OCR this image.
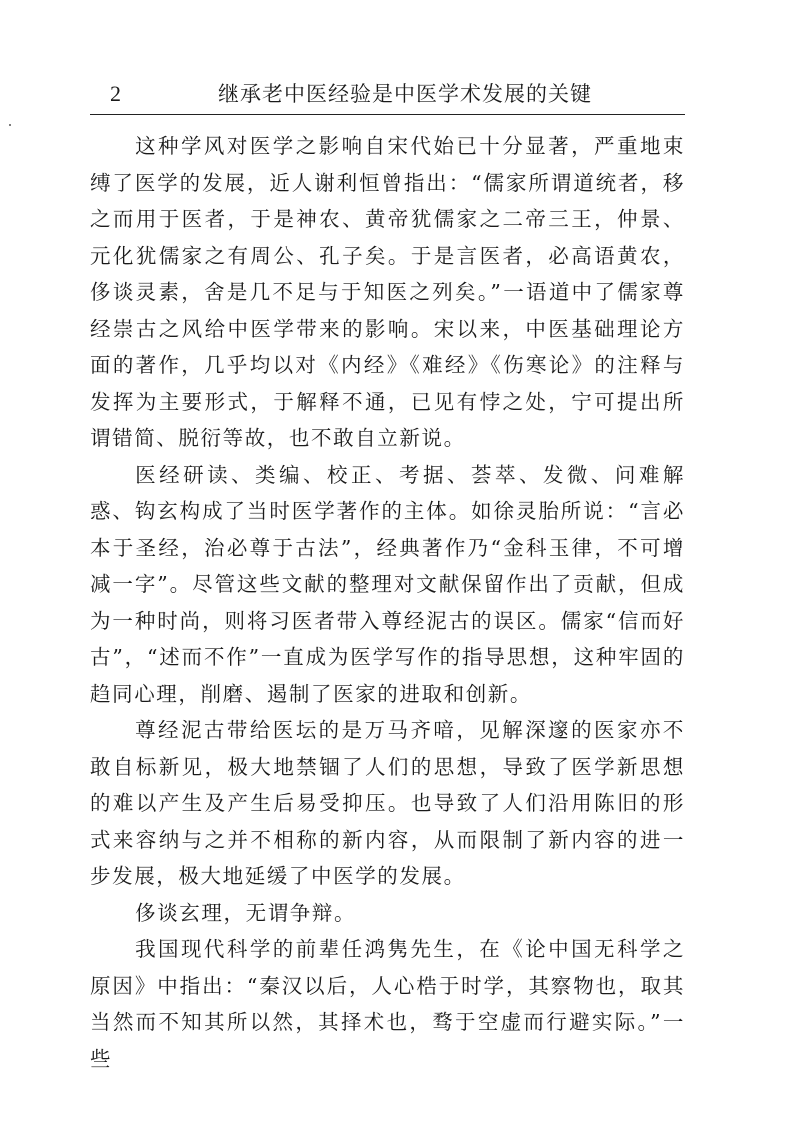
2	继承老中医经验是中医学术发展的关键

这种学风对医学之影响自宋代始已十分显著，严重地束缚了医学的发展，近人谢利恒曾指出：“儒家所谓道统者，移之而用于医者，于是神农、黄帝犹儒家之二帝三王，仲景、元化犹儒家之有周公、孔子矣。于是言医者，必高语黄农，侈谈灵素，舍是几不足与于知医之列矣。”一语道中了儒家尊经崇古之风给中医学带来的影响。宋以来，中医基础理论方面的著作，几乎均以对《内经》《难经》《伤寒论》的注释与发挥为主要形式，于解释不通，已见有悖之处，宁可提出所谓错简、脱衍等故，也不敢自立新说。

医经研读、类编、校正、考据、荟萃、发微、问难解惑、钩玄构成了当时医学著作的主体。如徐灵胎所说：“言必本于圣经，治必尊于古法”，经典著作乃“金科玉律，不可增减一字”。尽管这些文献的整理对文献保留作出了贡献，但成为一种时尚，则将习医者带入尊经泥古的误区。儒家“信而好古”，“述而不作”一直成为医学写作的指导思想，这种牢固的趋同心理，削磨、遏制了医家的进取和创新。

尊经泥古带给医坛的是万马齐喑，见解深邃的医家亦不敢自标新见，极大地禁锢了人们的思想，导致了医学新思想的难以产生及产生后易受抑压。也导致了人们沿用陈旧的形式来容纳与之并不相称的新内容，从而限制了新内容的进一步发展，极大地延缓了中医学的发展。

侈谈玄理，无谓争辩。

我国现代科学的前辈任鸿隽先生，在《论中国无科学之原因》中指出：“秦汉以后，人心梏于时学，其察物也，取其当然而不知其所以然，其择术也，骛于空虚而行避实际。”一些
